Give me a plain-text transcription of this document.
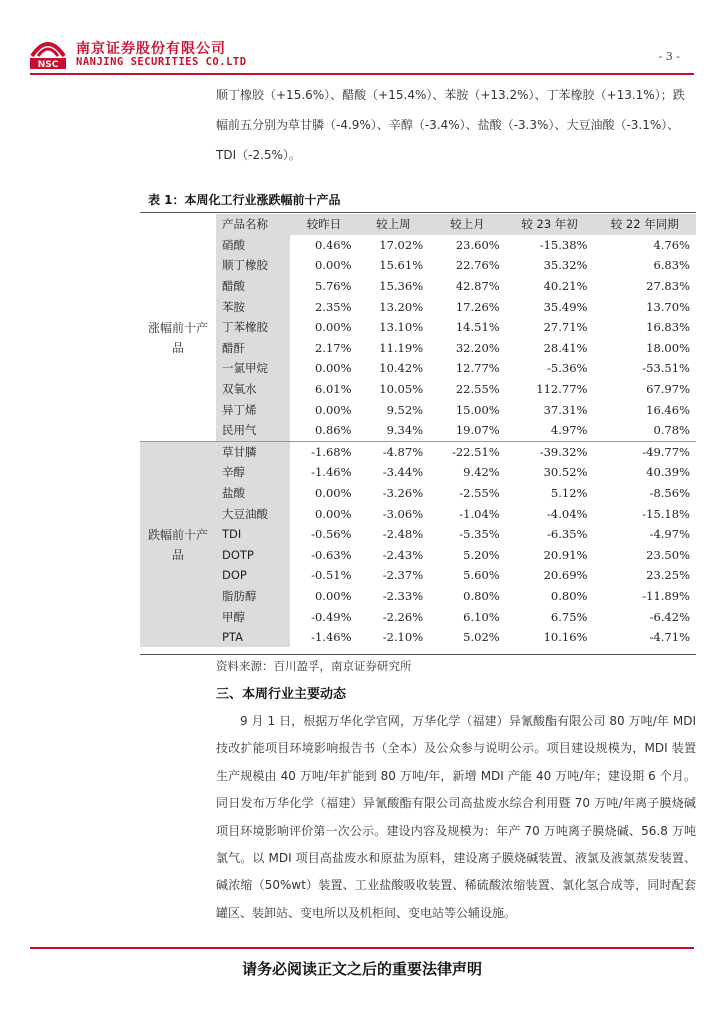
NSC
南京证券股份有限公司
NANJING SECURITIES CO.LTD	- 3 -
顺丁橡胶（+15.6%）、醋酸（+15.4%）、苯胺（+13.2%）、丁苯橡胶（+13.1%）；跌幅前五分别为草甘膦（-4.9%）、辛醇（-3.4%）、盐酸（-3.3%）、大豆油酸（-3.1%）、TDI（-2.5%）。
表 1：本周化工行业涨跌幅前十产品
	产品名称	较昨日	较上周	较上月	较 23 年初	较 22 年同期
涨幅前十产品	硝酸	0.46%	17.02%	23.60%	-15.38%	4.76%
	顺丁橡胶	0.00%	15.61%	22.76%	35.32%	6.83%
	醋酸	5.76%	15.36%	42.87%	40.21%	27.83%
	苯胺	2.35%	13.20%	17.26%	35.49%	13.70%
	丁苯橡胶	0.00%	13.10%	14.51%	27.71%	16.83%
	醋酐	2.17%	11.19%	32.20%	28.41%	18.00%
	一氯甲烷	0.00%	10.42%	12.77%	-5.36%	-53.51%
	双氧水	6.01%	10.05%	22.55%	112.77%	67.97%
	异丁烯	0.00%	9.52%	15.00%	37.31%	16.46%
	民用气	0.86%	9.34%	19.07%	4.97%	0.78%
跌幅前十产品	草甘膦	-1.68%	-4.87%	-22.51%	-39.32%	-49.77%
	辛醇	-1.46%	-3.44%	9.42%	30.52%	40.39%
	盐酸	0.00%	-3.26%	-2.55%	5.12%	-8.56%
	大豆油酸	0.00%	-3.06%	-1.04%	-4.04%	-15.18%
	TDI	-0.56%	-2.48%	-5.35%	-6.35%	-4.97%
	DOTP	-0.63%	-2.43%	5.20%	20.91%	23.50%
	DOP	-0.51%	-2.37%	5.60%	20.69%	23.25%
	脂肪醇	0.00%	-2.33%	0.80%	0.80%	-11.89%
	甲醇	-0.49%	-2.26%	6.10%	6.75%	-6.42%
	PTA	-1.46%	-2.10%	5.02%	10.16%	-4.71%
资料来源：百川盈孚，南京证券研究所
三、本周行业主要动态
9 月 1 日，根据万华化学官网，万华化学（福建）异氰酸酯有限公司 80 万吨/年 MDI 技改扩能项目环境影响报告书（全本）及公众参与说明公示。项目建设规模为，MDI 装置生产规模由 40 万吨/年扩能到 80 万吨/年，新增 MDI 产能 40 万吨/年；建设期 6 个月。同日发布万华化学（福建）异氰酸酯有限公司高盐废水综合利用暨 70 万吨/年离子膜烧碱项目环境影响评价第一次公示。建设内容及规模为：年产 70 万吨离子膜烧碱、56.8 万吨氯气。以 MDI 项目高盐废水和原盐为原料，建设离子膜烧碱装置、液氯及液氯蒸发装置、碱浓缩（50%wt）装置、工业盐酸吸收装置、稀硫酸浓缩装置、氯化氢合成等，同时配套罐区、装卸站、变电所以及机柜间、变电站等公辅设施。
请务必阅读正文之后的重要法律声明
